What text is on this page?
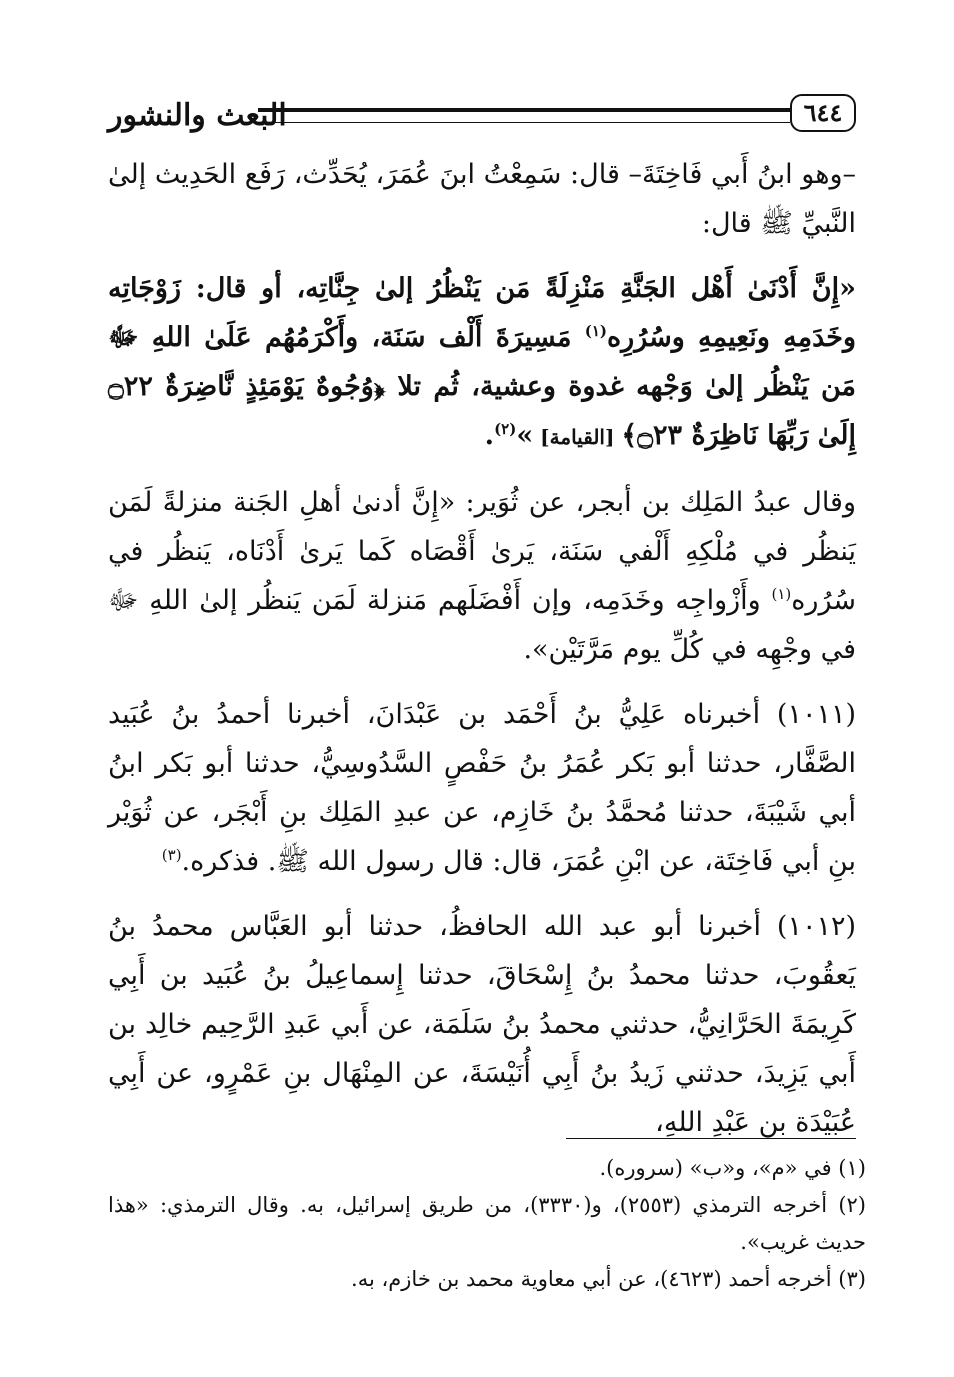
البعث والنشور	٦٤٤

–وهو ابنُ أَبي فَاخِتَةَ– قال: سَمِعْتُ ابنَ عُمَرَ، يُحَدِّث، رَفَع الحَدِيث إلىٰ النَّبيِّ ﷺ قال:

«إِنَّ أَدْنَىٰ أَهْل الجَنَّةِ مَنْزِلَةً مَن يَنْظُرُ إلىٰ جِنَّاتِه، أو قال: زَوْجَاتِه وخَدَمِهِ ونَعِيمِهِ وسُرُرِه$^{(١)}$ مَسِيرَةَ أَلْف سَنَة، وأَكْرَمُهُم عَلَىٰ اللهِ ﷻ مَن يَنْظُر إلىٰ وَجْهه غدوة وعشية، ثُم تلا ﴿وُجُوهٌ يَوْمَئِذٍ نَّاضِرَةٌ ۝٢٢ إِلَىٰ رَبِّهَا نَاظِرَةٌ ۝٢٣﴾ [القيامة] »$^{(٢)}$.

وقال عبدُ المَلِك بن أبجر، عن ثُوَير: «إِنَّ أدنىٰ أهلِ الجَنة منزلةً لَمَن يَنظُر في مُلْكِهِ أَلْفي سَنَة، يَرىٰ أَقْصَاه كَما يَرىٰ أَدْنَاه، يَنظُر في سُرُره$^{(١)}$ وأَزْواجِه وخَدَمِه، وإن أَفْضَلَهم مَنزلة لَمَن يَنظُر إلىٰ اللهِ ﷻ في وجْهِه في كُلِّ يوم مَرَّتَيْن».

(١٠١١) أخبرناه عَلِيُّ بنُ أَحْمَد بن عَبْدَانَ، أخبرنا أحمدُ بنُ عُبَيد الصَّفَّار، حدثنا أبو بَكر عُمَرُ بنُ حَفْصٍ السَّدُوسِيُّ، حدثنا أبو بَكر ابنُ أبي شَيْبَةَ، حدثنا مُحمَّدُ بنُ خَازِم، عن عبدِ المَلِك بنِ أَبْجَر، عن ثُوَيْر بنِ أبي فَاخِتَة، عن ابْنِ عُمَرَ، قال: قال رسول الله ﷺ. فذكره.$^{(٣)}$

(١٠١٢) أخبرنا أبو عبد الله الحافظُ، حدثنا أبو العَبَّاس محمدُ بنُ يَعقُوبَ، حدثنا محمدُ بنُ إِسْحَاقَ، حدثنا إِسماعِيلُ بنُ عُبَيد بن أَبِي كَرِيمَةَ الحَرَّانِيُّ، حدثني محمدُ بنُ سَلَمَة، عن أَبي عَبدِ الرَّحِيم خالِد بن أَبي يَزِيدَ، حدثني زَيدُ بنُ أَبِي أُنَيْسَةَ، عن المِنْهَال بنِ عَمْرٍو، عن أَبِي عُبَيْدَة بن عَبْدِ اللهِ،

(١) في «م»، و«ب» (سروره).

(٢) أخرجه الترمذي (٢٥٥٣)، و(٣٣٣٠)، من طريق إسرائيل، به. وقال الترمذي: «هذا حديث غريب».

(٣) أخرجه أحمد (٤٦٢٣)، عن أبي معاوية محمد بن خازم، به.
